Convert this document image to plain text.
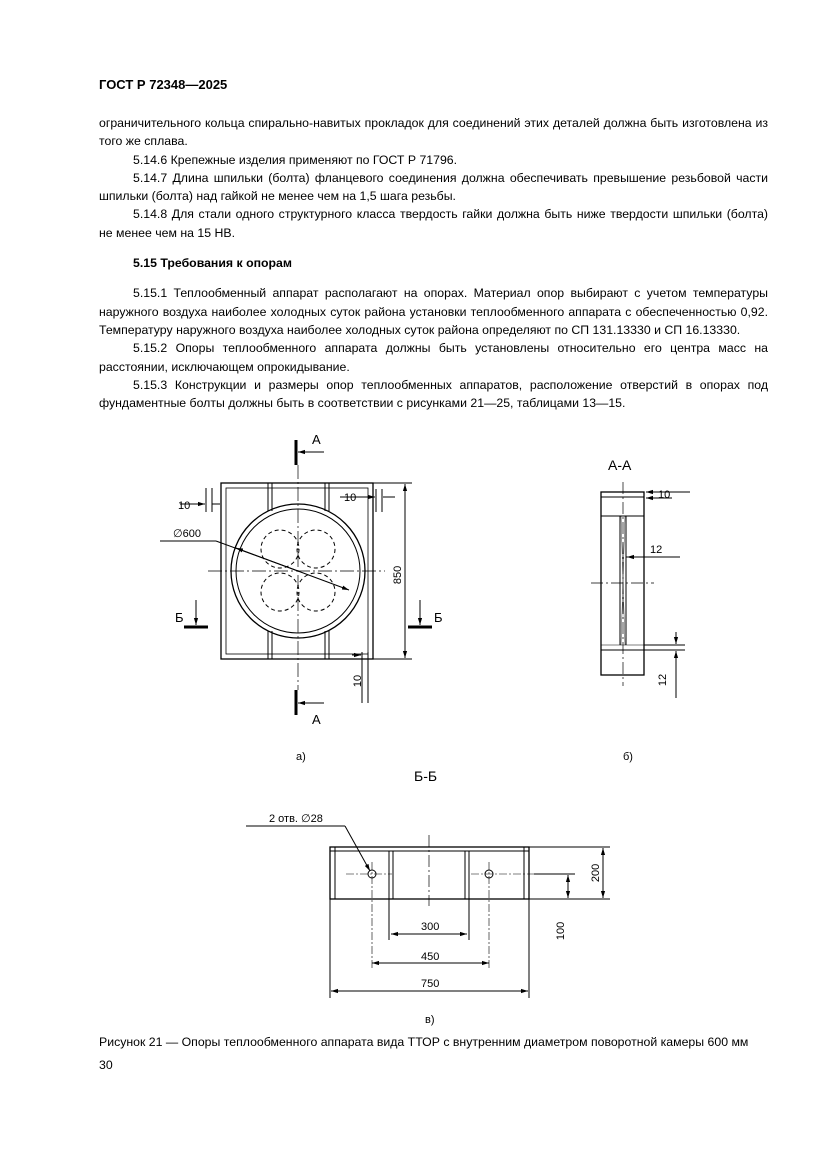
ГОСТ Р 72348—2025

ограничительного кольца спирально-навитых прокладок для соединений этих деталей должна быть изготовлена из того же сплава.

5.14.6 Крепежные изделия применяют по ГОСТ Р 71796.

5.14.7 Длина шпильки (болта) фланцевого соединения должна обеспечивать превышение резьбовой части шпильки (болта) над гайкой не менее чем на 1,5 шага резьбы.

5.14.8 Для стали одного структурного класса твердость гайки должна быть ниже твердости шпильки (болта) не менее чем на 15 НВ.

5.15 Требования к опорам

5.15.1 Теплообменный аппарат располагают на опорах. Материал опор выбирают с учетом температуры наружного воздуха наиболее холодных суток района установки теплообменного аппарата с обеспеченностью 0,92. Температуру наружного воздуха наиболее холодных суток района определяют по СП 131.13330 и СП 16.13330.

5.15.2 Опоры теплообменного аппарата должны быть установлены относительно его центра масс на расстоянии, исключающем опрокидывание.

5.15.3 Конструкции и размеры опор теплообменных аппаратов, расположение отверстий в опорах под фундаментные болты должны быть в соответствии с рисунками 21—25, таблицами 13—15.

А
А
Б	Б
10
10
∅600
850
10
а)
А-А
10
12
12
б)
Б-Б
2 отв. ∅28
300
450
750
200
100
в)
Рисунок 21 — Опоры теплообменного аппарата вида ТТОР с внутренним диаметром поворотной камеры 600 мм
30
